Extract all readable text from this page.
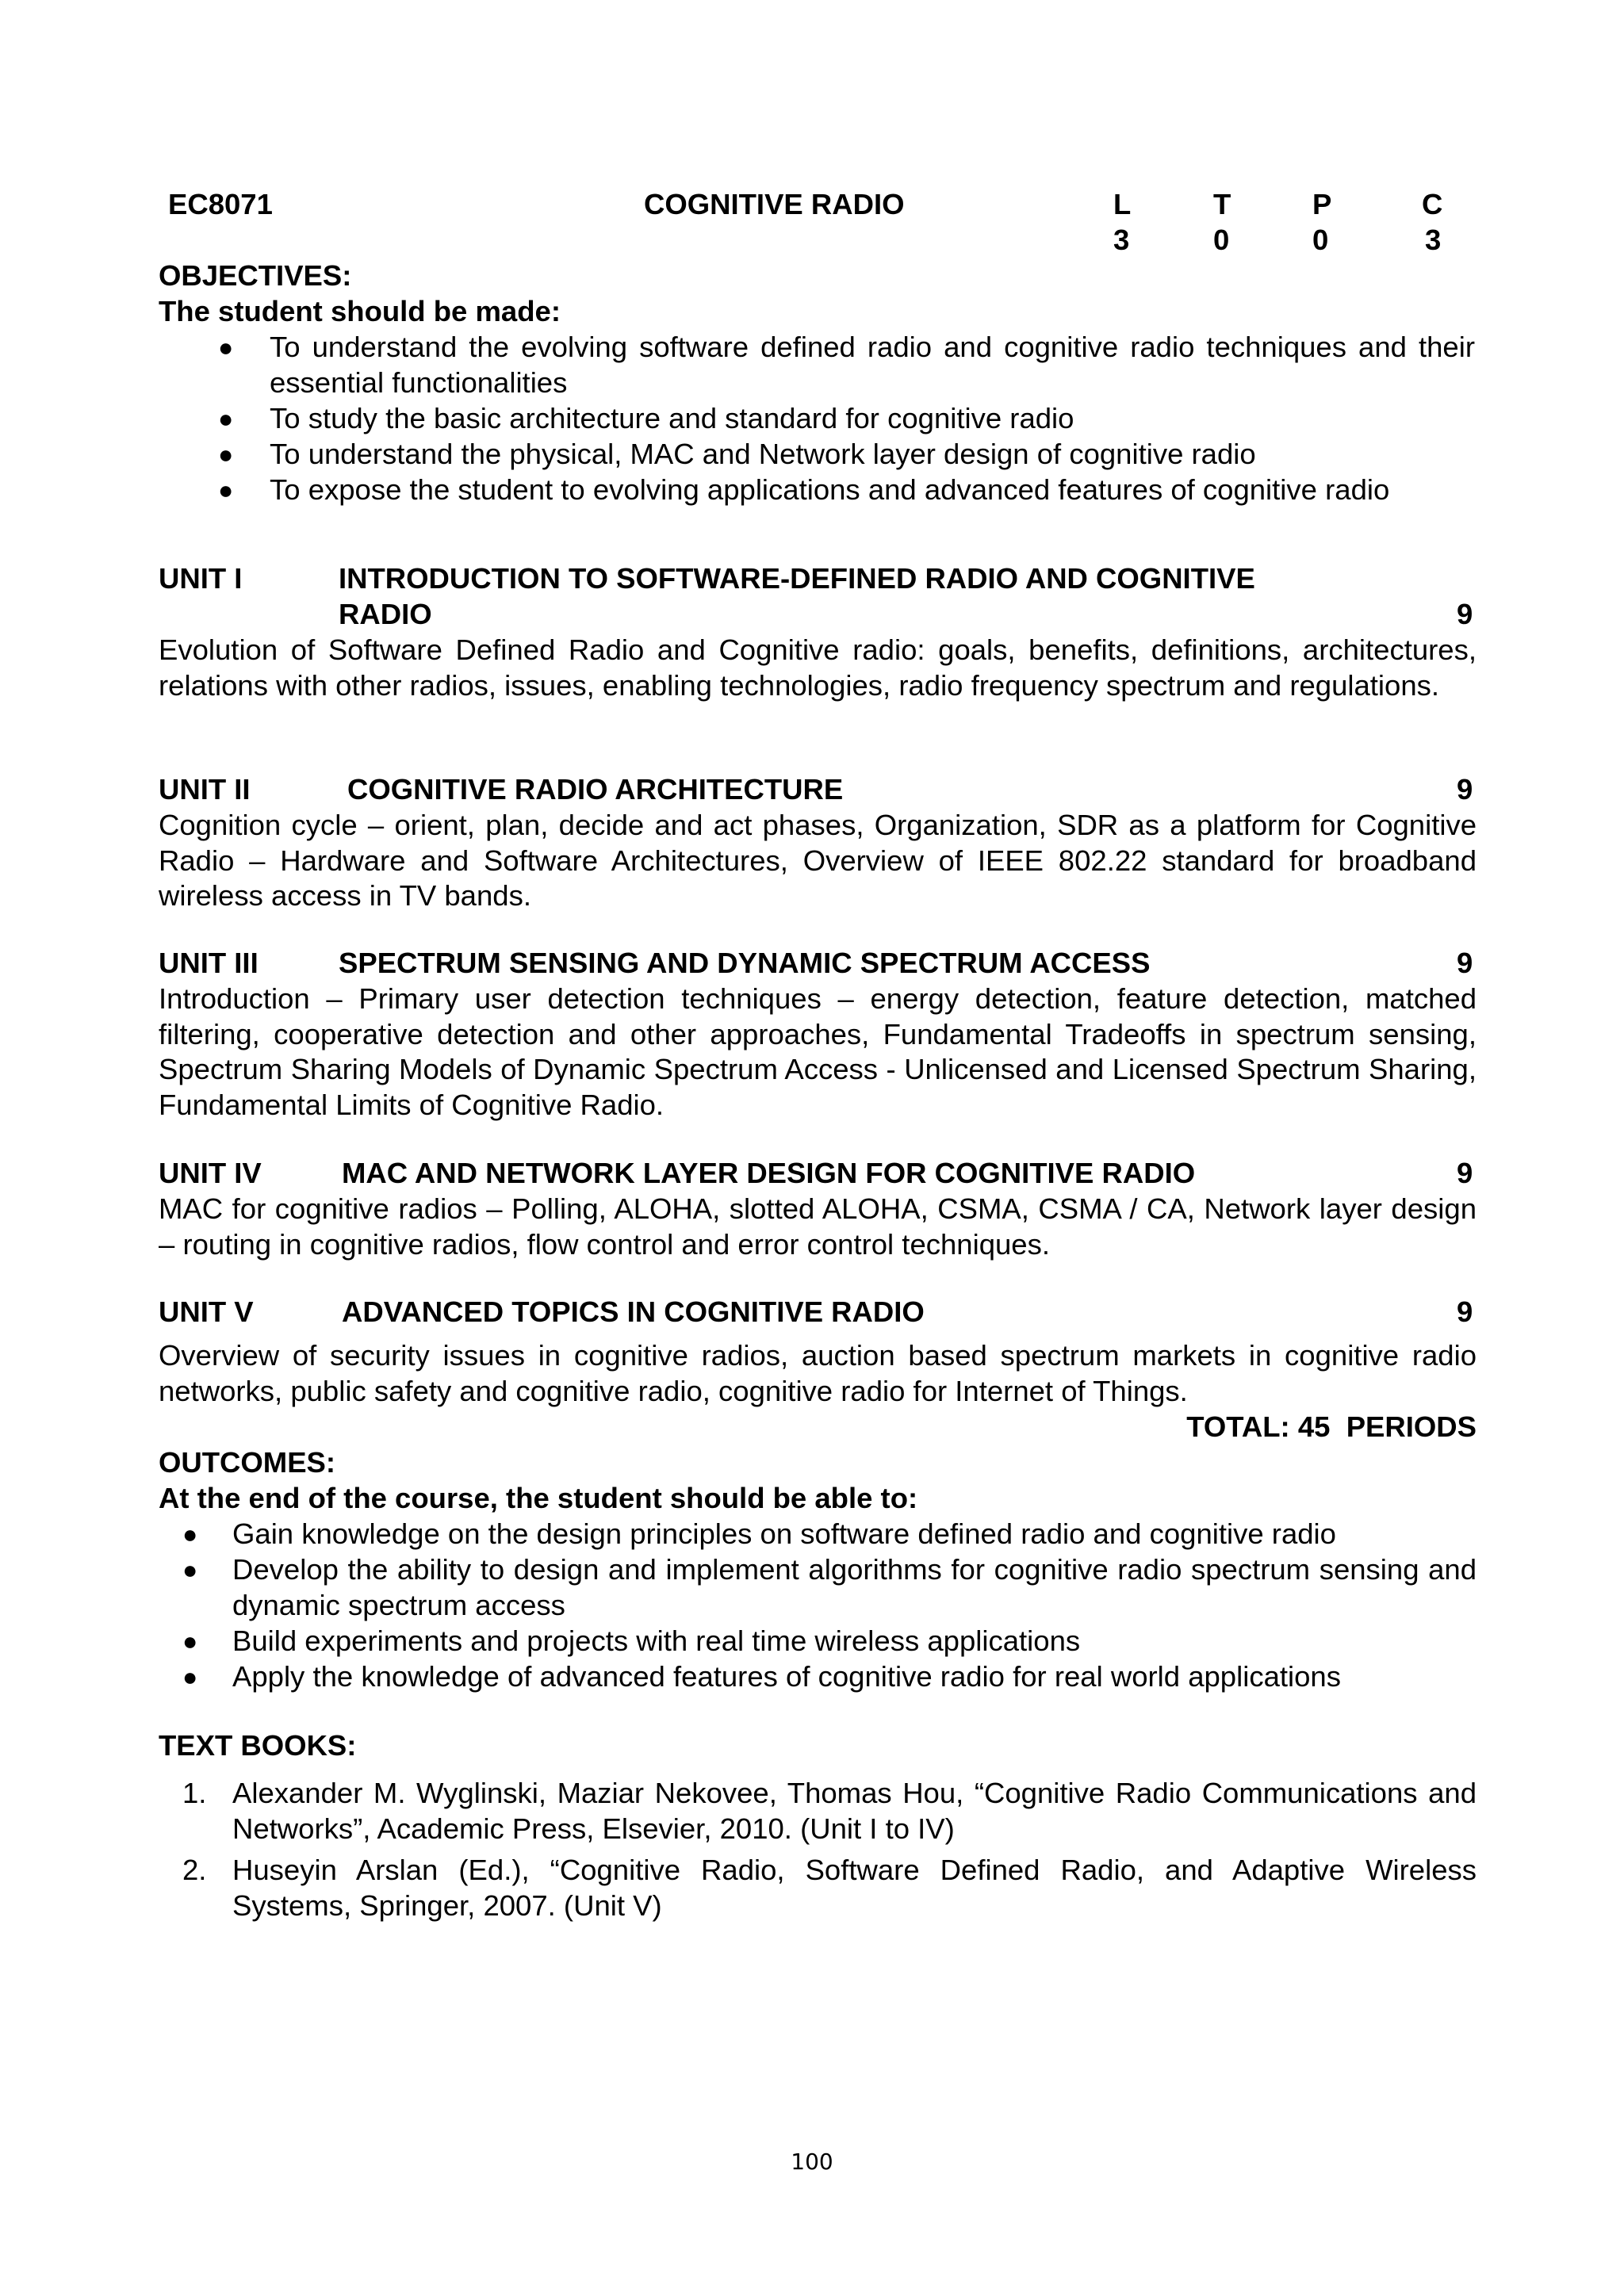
EC8071	COGNITIVE RADIO	L	T	P	C
3	0	0	3
OBJECTIVES:
The student should be made:
●	To understand the evolving software defined radio and cognitive radio techniques and their essential functionalities
●	To study the basic architecture and standard for cognitive radio
●	To understand the physical, MAC and Network layer design of cognitive radio
●	To expose the student to evolving applications and advanced features of cognitive radio
UNIT I	INTRODUCTION TO SOFTWARE-DEFINED RADIO AND COGNITIVE
RADIO	9
Evolution of Software Defined Radio and Cognitive radio: goals, benefits, definitions, architectures, relations with other radios, issues, enabling technologies, radio frequency spectrum and regulations.
UNIT II	COGNITIVE RADIO ARCHITECTURE	9
Cognition cycle – orient, plan, decide and act phases, Organization, SDR as a platform for Cognitive Radio – Hardware and Software Architectures, Overview of IEEE 802.22 standard for broadband wireless access in TV bands.
UNIT III	SPECTRUM SENSING AND DYNAMIC SPECTRUM ACCESS	9
Introduction – Primary user detection techniques – energy detection, feature detection, matched filtering, cooperative detection and other approaches, Fundamental Tradeoffs in spectrum sensing, Spectrum Sharing Models of Dynamic Spectrum Access - Unlicensed and Licensed Spectrum Sharing, Fundamental Limits of Cognitive Radio.
UNIT IV	MAC AND NETWORK LAYER DESIGN FOR COGNITIVE RADIO	9
MAC for cognitive radios – Polling, ALOHA, slotted ALOHA, CSMA, CSMA / CA, Network layer design – routing in cognitive radios, flow control and error control techniques.
UNIT V	ADVANCED TOPICS IN COGNITIVE RADIO	9
Overview of security issues in cognitive radios, auction based spectrum markets in cognitive radio networks, public safety and cognitive radio, cognitive radio for Internet of Things.
TOTAL: 45  PERIODS
OUTCOMES:
At the end of the course, the student should be able to:
●	Gain knowledge on the design principles on software defined radio and cognitive radio
●	Develop the ability to design and implement algorithms for cognitive radio spectrum sensing and dynamic spectrum access
●	Build experiments and projects with real time wireless applications
●	Apply the knowledge of advanced features of cognitive radio for real world applications
TEXT BOOKS:
1. Alexander M. Wyglinski, Maziar Nekovee, Thomas Hou, “Cognitive Radio Communications and Networks”, Academic Press, Elsevier, 2010. (Unit I to IV)
2. Huseyin Arslan (Ed.), “Cognitive Radio, Software Defined Radio, and Adaptive Wireless Systems, Springer, 2007. (Unit V)
100
